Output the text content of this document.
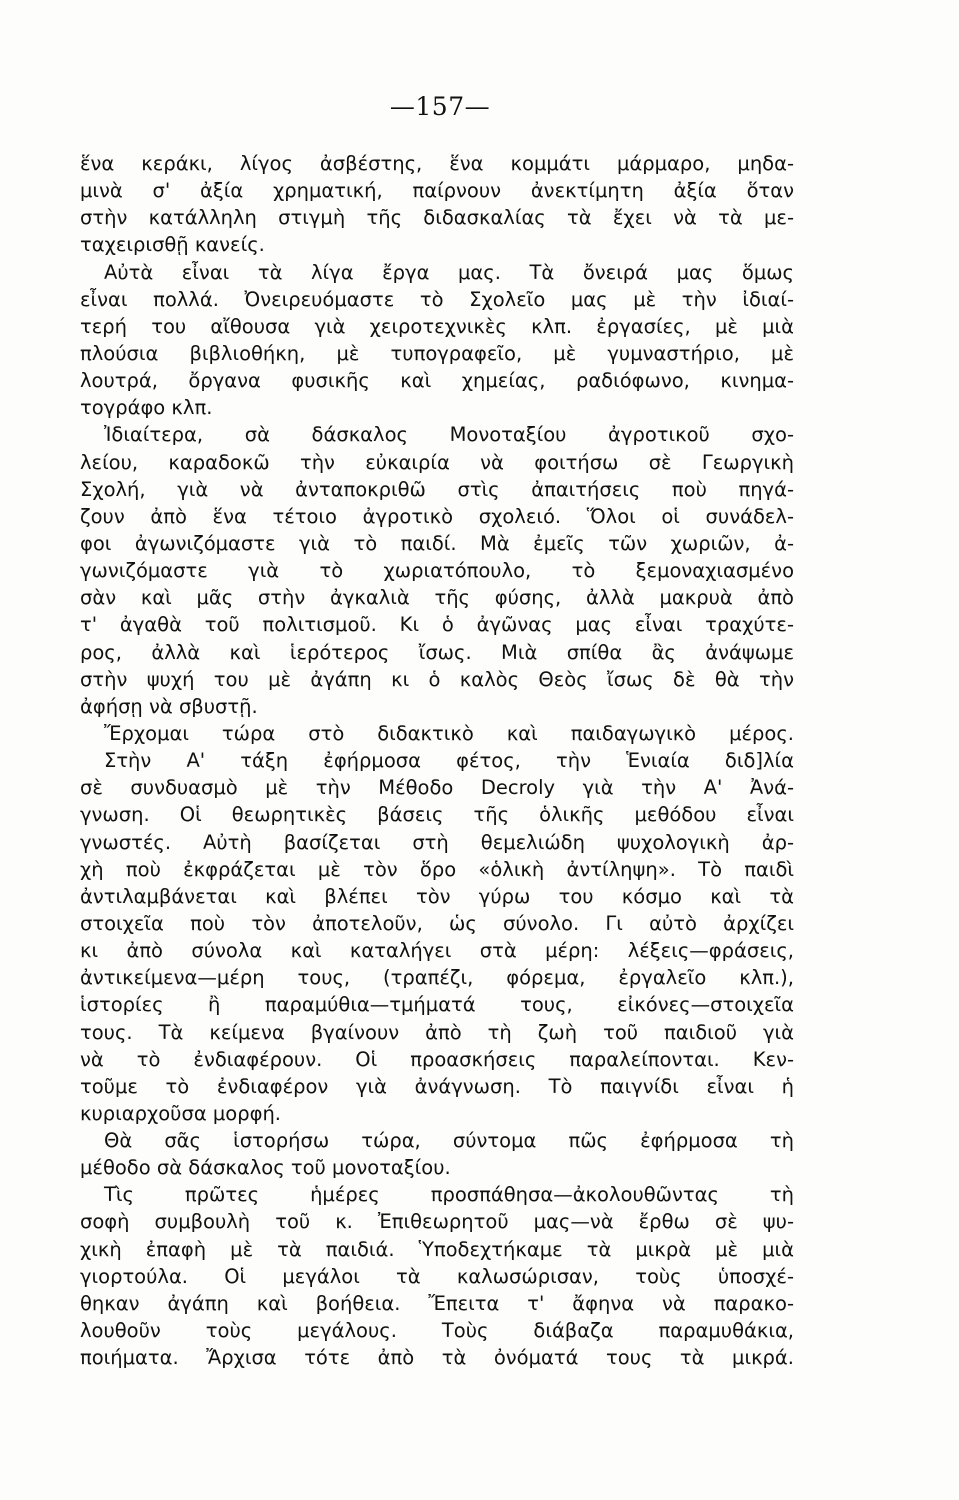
—157—
ἕνα κεράκι, λίγος ἀσβέστης, ἕνα κομμάτι μάρμαρο, μηδα-
μινὰ σ' ἀξία χρηματική, παίρνουν ἀνεκτίμητη ἀξία ὅταν
στὴν κατάλληλη στιγμὴ τῆς διδασκαλίας τὰ ἔχει νὰ τὰ με-
ταχειρισθῇ κανείς.
Αὐτὰ εἶναι τὰ λίγα ἔργα μας. Τὰ ὄνειρά μας ὅμως
εἶναι πολλά. Ὀνειρευόμαστε τὸ Σχολεῖο μας μὲ τὴν ἰδιαί-
τερή του αἴθουσα γιὰ χειροτεχνικὲς κλπ. ἐργασίες, μὲ μιὰ
πλούσια βιβλιοθήκη, μὲ τυπογραφεῖο, μὲ γυμναστήριο, μὲ
λουτρά, ὄργανα φυσικῆς καὶ χημείας, ραδιόφωνο, κινημα-
τογράφο κλπ.
Ἰδιαίτερα, σὰ δάσκαλος Μονοταξίου ἀγροτικοῦ σχο-
λείου, καραδοκῶ τὴν εὐκαιρία νὰ φοιτήσω σὲ Γεωργικὴ
Σχολή, γιὰ νὰ ἀνταποκριθῶ στὶς ἀπαιτήσεις ποὺ πηγά-
ζουν ἀπὸ ἕνα τέτοιο ἀγροτικὸ σχολειό. Ὅλοι οἱ συνάδελ-
φοι ἀγωνιζόμαστε γιὰ τὸ παιδί. Μὰ ἐμεῖς τῶν χωριῶν, ἀ-
γωνιζόμαστε γιὰ τὸ χωριατόπουλο, τὸ ξεμοναχιασμένο
σὰν καὶ μᾶς στὴν ἀγκαλιὰ τῆς φύσης, ἀλλὰ μακρυὰ ἀπὸ
τ' ἀγαθὰ τοῦ πολιτισμοῦ. Κι ὁ ἀγῶνας μας εἶναι τραχύτε-
ρος, ἀλλὰ καὶ ἱερότερος ἴσως. Μιὰ σπίθα ἂς ἀνάψωμε
στὴν ψυχή του μὲ ἀγάπη κι ὁ καλὸς Θεὸς ἴσως δὲ θὰ τὴν
ἀφήσῃ νὰ σβυστῇ.
Ἔρχομαι τώρα στὸ διδακτικὸ καὶ παιδαγωγικὸ μέρος.
Στὴν Α' τάξη ἐφήρμοσα φέτος, τὴν Ἑνιαία διδ]λία
σὲ συνδυασμὸ μὲ τὴν Μέθοδο Decroly γιὰ τὴν Α' Ἀνά-
γνωση. Οἱ θεωρητικὲς βάσεις τῆς ὁλικῆς μεθόδου εἶναι
γνωστές. Αὐτὴ βασίζεται στὴ θεμελιώδη ψυχολογικὴ ἀρ-
χὴ ποὺ ἐκφράζεται μὲ τὸν ὅρο «ὁλικὴ ἀντίληψη». Τὸ παιδὶ
ἀντιλαμβάνεται καὶ βλέπει τὸν γύρω του κόσμο καὶ τὰ
στοιχεῖα ποὺ τὸν ἀποτελοῦν, ὡς σύνολο. Γι αὐτὸ ἀρχίζει
κι ἀπὸ σύνολα καὶ καταλήγει στὰ μέρη: λέξεις—φράσεις,
ἀντικείμενα—μέρη τους, (τραπέζι, φόρεμα, ἐργαλεῖο κλπ.),
ἱστορίες ἢ παραμύθια—τμήματά τους, εἰκόνες—στοιχεῖα
τους. Τὰ κείμενα βγαίνουν ἀπὸ τὴ ζωὴ τοῦ παιδιοῦ γιὰ
νὰ τὸ ἐνδιαφέρουν. Οἱ προασκήσεις παραλείπονται. Κεν-
τοῦμε τὸ ἐνδιαφέρον γιὰ ἀνάγνωση. Τὸ παιγνίδι εἶναι ἡ
κυριαρχοῦσα μορφή.
Θὰ σᾶς ἱστορήσω τώρα, σύντομα πῶς ἐφήρμοσα τὴ
μέθοδο σὰ δάσκαλος τοῦ μονοταξίου.
Τὶς πρῶτες ἡμέρες προσπάθησα—ἀκολουθῶντας τὴ
σοφὴ συμβουλὴ τοῦ κ. Ἐπιθεωρητοῦ μας—νὰ ἔρθω σὲ ψυ-
χικὴ ἐπαφὴ μὲ τὰ παιδιά. Ὑποδεχτήκαμε τὰ μικρὰ μὲ μιὰ
γιορτούλα. Οἱ μεγάλοι τὰ καλωσώρισαν, τοὺς ὑποσχέ-
θηκαν ἀγάπη καὶ βοήθεια. Ἔπειτα τ' ἄφηνα νὰ παρακο-
λουθοῦν τοὺς μεγάλους. Τοὺς διάβαζα παραμυθάκια,
ποιήματα. Ἄρχισα τότε ἀπὸ τὰ ὀνόματά τους τὰ μικρά.
